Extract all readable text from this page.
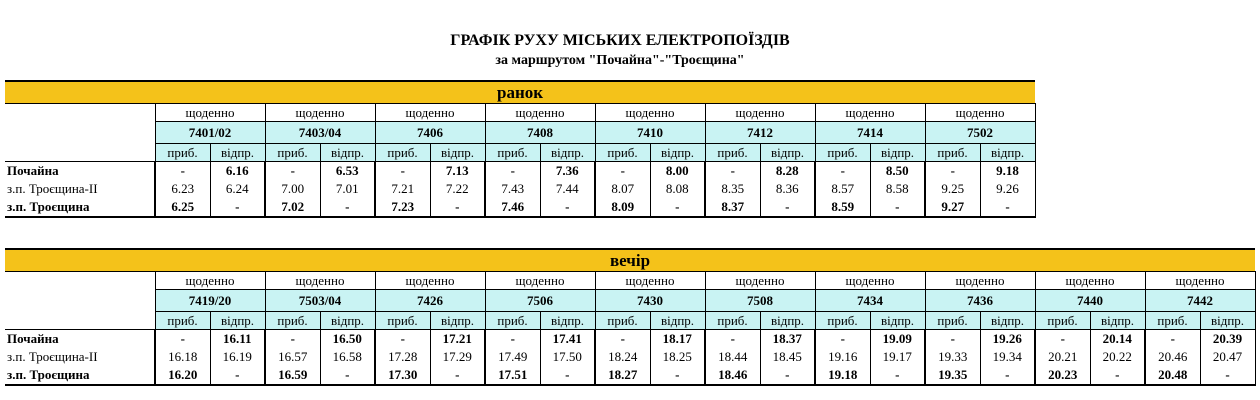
ГРАФІК РУХУ МІСЬКИХ ЕЛЕКТРОПОЇЗДІВ
за маршрутом "Почайна"-"Троєщина"
ранок																
	щоденно		щоденно		щоденно		щоденно		щоденно		щоденно		щоденно		щоденно	
	7401/02		7403/04		7406		7408		7410		7412		7414		7502	
	приб.	відпр.	приб.	відпр.	приб.	відпр.	приб.	відпр.	приб.	відпр.	приб.	відпр.	приб.	відпр.	приб.	відпр.
Почайна	-	6.16	-	6.53	-	7.13	-	7.36	-	8.00	-	8.28	-	8.50	-	9.18
з.п. Троєщина-ІІ	6.23	6.24	7.00	7.01	7.21	7.22	7.43	7.44	8.07	8.08	8.35	8.36	8.57	8.58	9.25	9.26
з.п. Троєщина	6.25	-	7.02	-	7.23	-	7.46	-	8.09	-	8.37	-	8.59	-	9.27	-
вечір																				
	щоденно		щоденно		щоденно		щоденно		щоденно		щоденно		щоденно		щоденно		щоденно		щоденно	
	7419/20		7503/04		7426		7506		7430		7508		7434		7436		7440		7442	
	приб.	відпр.	приб.	відпр.	приб.	відпр.	приб.	відпр.	приб.	відпр.	приб.	відпр.	приб.	відпр.	приб.	відпр.	приб.	відпр.	приб.	відпр.
Почайна	-	16.11	-	16.50	-	17.21	-	17.41	-	18.17	-	18.37	-	19.09	-	19.26	-	20.14	-	20.39
з.п. Троєщина-ІІ	16.18	16.19	16.57	16.58	17.28	17.29	17.49	17.50	18.24	18.25	18.44	18.45	19.16	19.17	19.33	19.34	20.21	20.22	20.46	20.47
з.п. Троєщина	16.20	-	16.59	-	17.30	-	17.51	-	18.27	-	18.46	-	19.18	-	19.35	-	20.23	-	20.48	-
